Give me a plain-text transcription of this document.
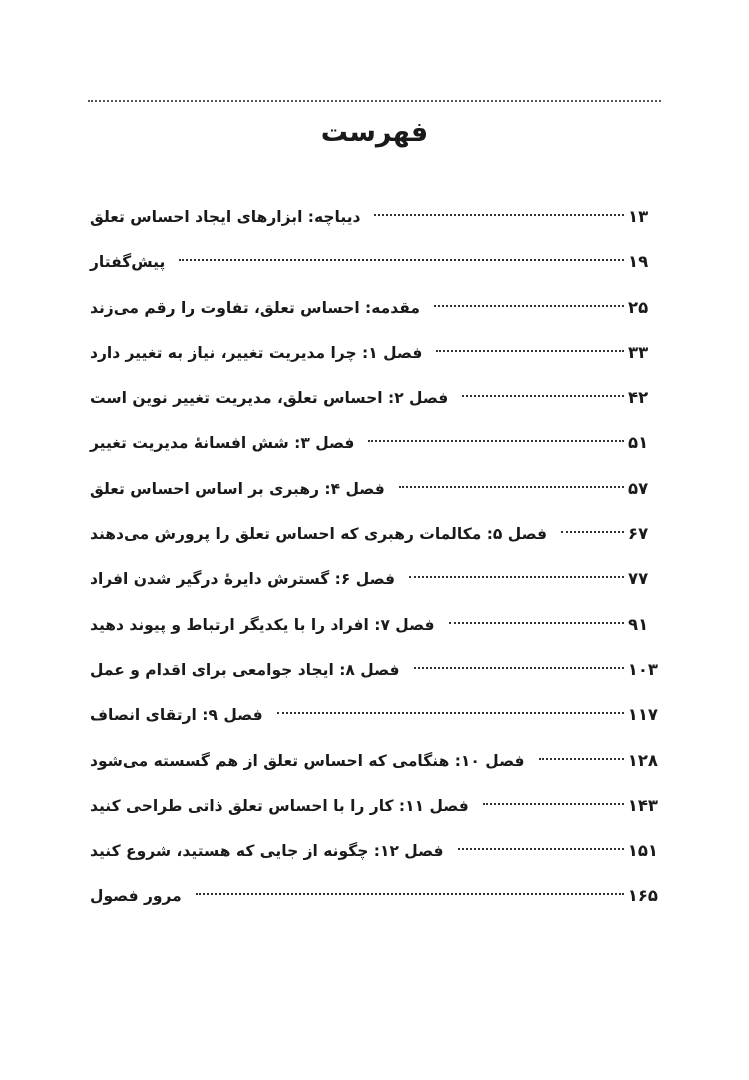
فهرست
دیباچه: ابزارهای ایجاد احساس تعلق	۱۳
پیش‌گفتار	۱۹
مقدمه: احساس تعلق، تفاوت را رقم می‌زند	۲۵
فصل ۱: چرا مدیریت تغییر، نیاز به تغییر دارد	۳۳
فصل ۲: احساس تعلق، مدیریت تغییر نوین است	۴۲
فصل ۳: شش افسانهٔ مدیریت تغییر	۵۱
فصل ۴: رهبری بر اساس احساس تعلق	۵۷
فصل ۵: مکالمات رهبری که احساس تعلق را پرورش می‌دهند	۶۷
فصل ۶: گسترش دایرهٔ درگیر شدن افراد	۷۷
فصل ۷: افراد را با یکدیگر ارتباط و پیوند دهید	۹۱
فصل ۸: ایجاد جوامعی برای اقدام و عمل	۱۰۳
فصل ۹: ارتقای انصاف	۱۱۷
فصل ۱۰: هنگامی که احساس تعلق از هم گسسته می‌شود	۱۲۸
فصل ۱۱: کار را با احساس تعلق ذاتی طراحی کنید	۱۴۳
فصل ۱۲: چگونه از جایی که هستید، شروع کنید	۱۵۱
مرور فصول	۱۶۵
